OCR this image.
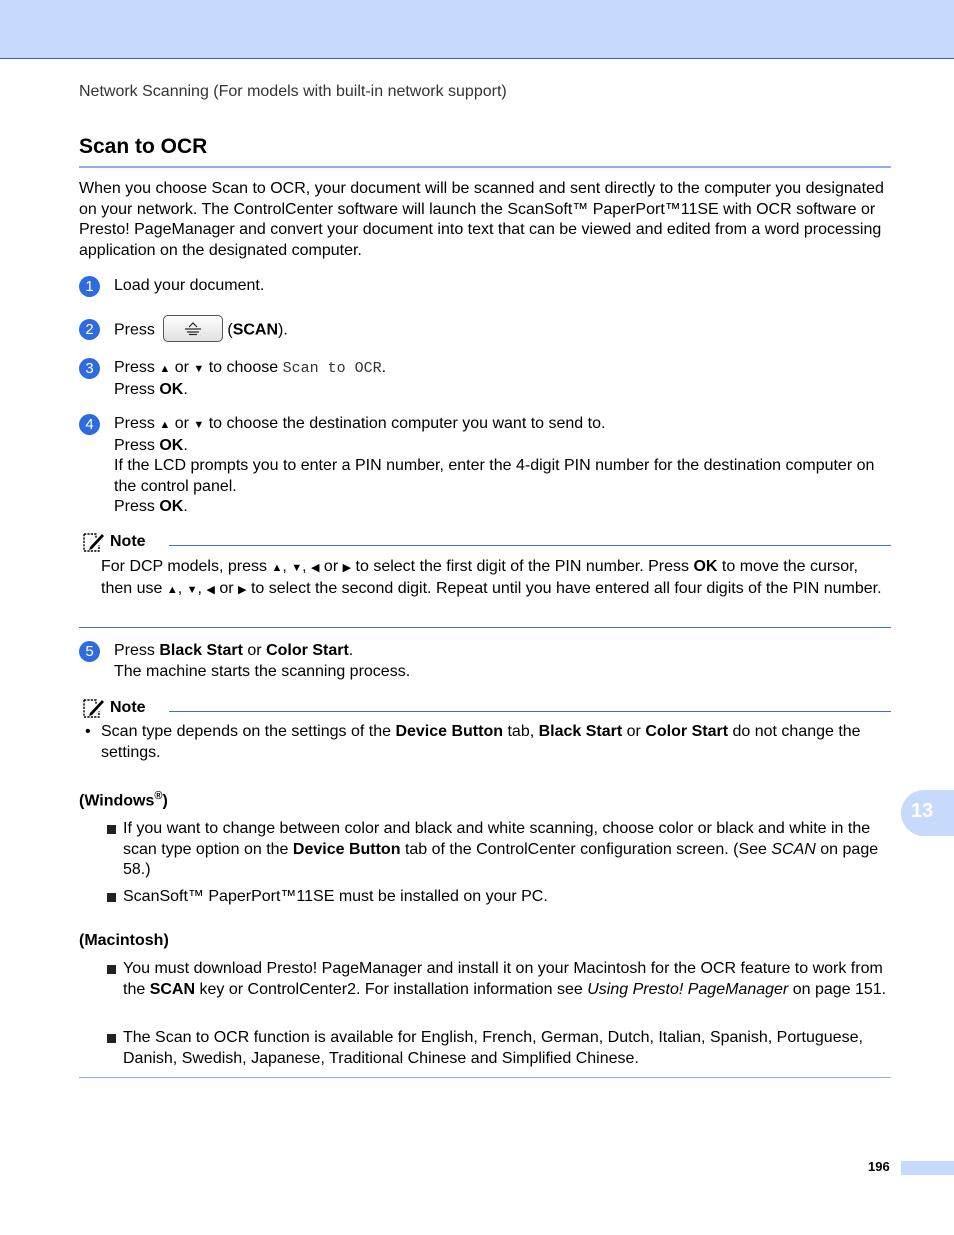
Network Scanning (For models with built-in network support)
Scan to OCR

When you choose Scan to OCR, your document will be scanned and sent directly to the computer you designated on your network. The ControlCenter software will launch the ScanSoft™ PaperPort™11SE with OCR software or Presto! PageManager and convert your document into text that can be viewed and edited from a word processing application on the designated computer.

1	Load your document.

2	Press	(SCAN).

3	Press ▲ or ▼ to choose Scan to OCR.

Press OK.

4	Press ▲ or ▼ to choose the destination computer you want to send to.

Press OK.

If the LCD prompts you to enter a PIN number, enter the 4-digit PIN number for the destination computer on the control panel.

Press OK.

Note

For DCP models, press ▲, ▼, ◀ or ▶ to select the first digit of the PIN number. Press OK to move the cursor, then use ▲, ▼, ◀ or ▶ to select the second digit. Repeat until you have entered all four digits of the PIN number.

5	Press Black Start or Color Start.

The machine starts the scanning process.

Note
• Scan type depends on the settings of the Device Button tab, Black Start or Color Start do not change the settings.

(Windows®)

If you want to change between color and black and white scanning, choose color or black and white in the scan type option on the Device Button tab of the ControlCenter configuration screen. (See SCAN on page 58.)

ScanSoft™ PaperPort™11SE must be installed on your PC.

(Macintosh)

You must download Presto! PageManager and install it on your Macintosh for the OCR feature to work from the SCAN key or ControlCenter2. For installation information see Using Presto! PageManager on page 151.

The Scan to OCR function is available for English, French, German, Dutch, Italian, Spanish, Portuguese, Danish, Swedish, Japanese, Traditional Chinese and Simplified Chinese.

13
196
